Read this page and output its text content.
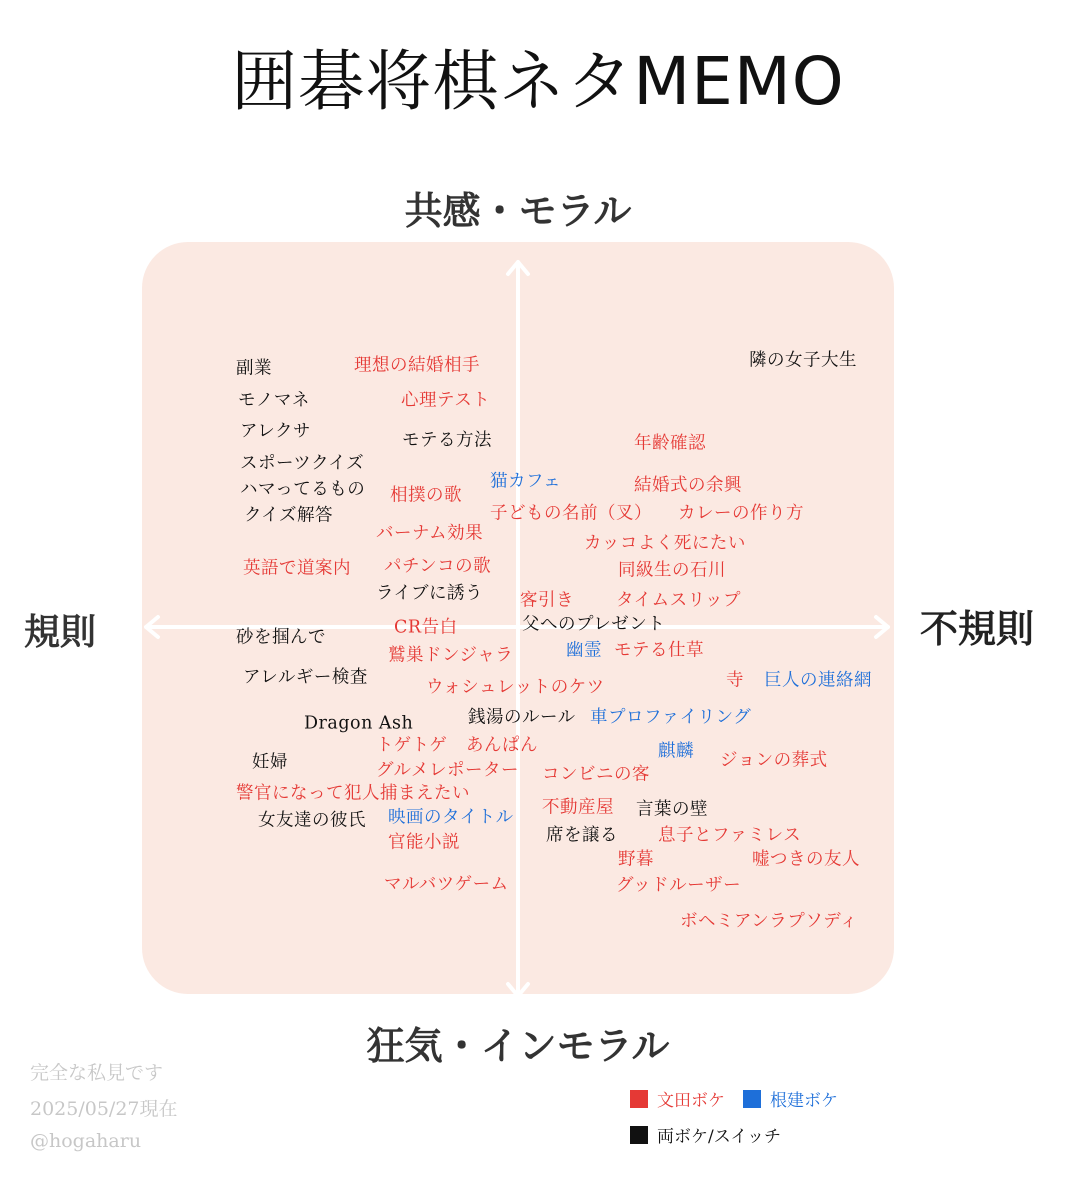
囲碁将棋ネタMEMO
共感・モラル
狂気・インモラル
規則	不規則
副業	理想の結婚相手	隣の女子大生
モノマネ	心理テスト
アレクサ	モテる方法	年齢確認
スポーツクイズ
猫カフェ	結婚式の余興
ハマってるもの 相撲の歌
クイズ解答	子どもの名前（叉） カレーの作り方
バーナム効果	カッコよく死にたい
英語で道案内 パチンコの歌	同級生の石川
ライブに誘う 客引き タイムスリップ
父へのプレゼント
砂を掴んで	CR告白
鷲巣ドンジャラ	幽霊 モテる仕草
アレルギー検査	ウォシュレットのケツ	寺 巨人の連絡網
Dragon Ash	銭湯のルール 車プロファイリング
トゲトゲ あんぱん	麒麟 ジョンの葬式
妊婦	グルメレポーター コンビニの客
警官になって犯人捕まえたい
不動産屋 言葉の壁
女友達の彼氏 映画のタイトル
席を譲る 息子とファミレス
官能小説
野暮	嘘つきの友人
マルバツゲーム	グッドルーザー
ボヘミアンラプソディ
完全な私見です
2025/05/27現在
@hogaharu
文田ボケ	根建ボケ
両ボケ/スイッチ
